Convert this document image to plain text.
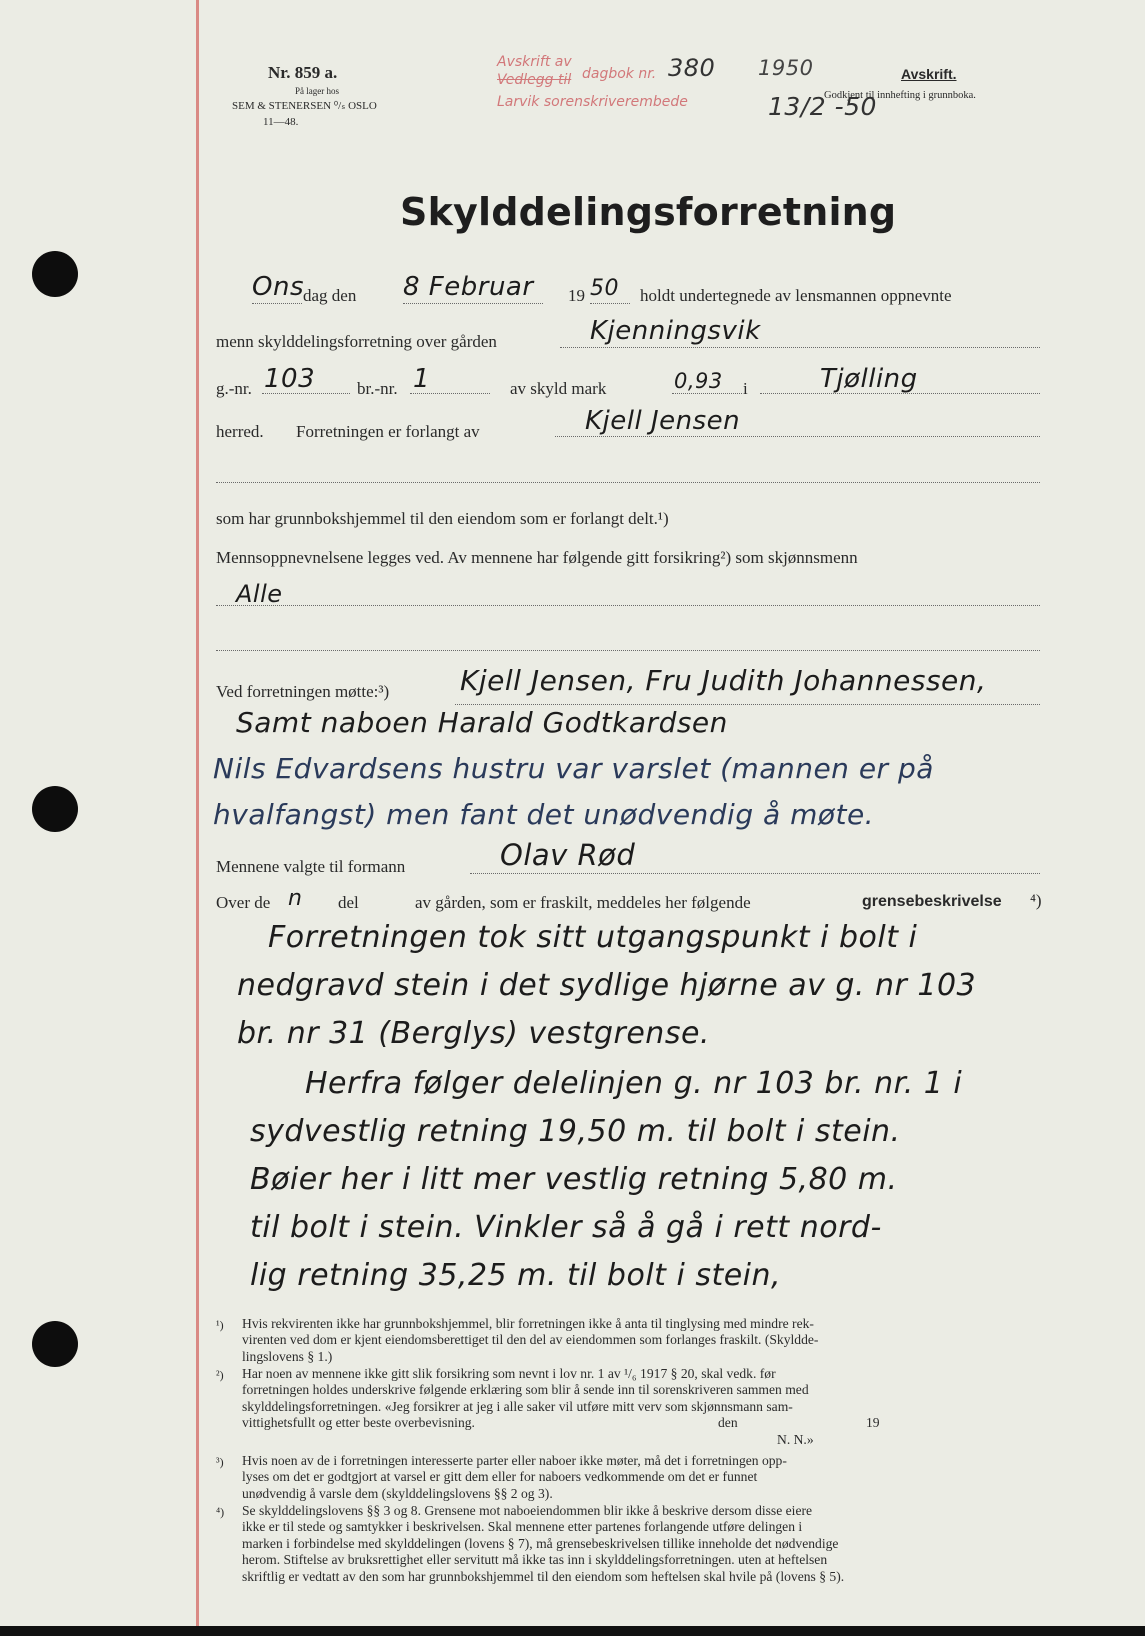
Nr. 859 a.
På lager hos
SEM & STENERSEN ⁰/ₛ OSLO
11—48.
Avskrift av
Vedlegg til dagbok nr. 380 1950
Larvik sorenskriverembede	13/2 -50
Avskrift.
Godkjent til innhefting i grunnboka.
Skylddelingsforretning
Ons dag den 8 Februar 19 50 holdt undertegnede av lensmannen oppnevnte
menn skylddelingsforretning over gården	Kjenningsvik
g.-nr. 103 br.-nr. 1	av skyld mark	0,93 i	Tjølling
herred. Forretningen er forlangt av	Kjell Jensen
som har grunnbokshjemmel til den eiendom som er forlangt delt.¹)
Mennsoppnevnelsene legges ved. Av mennene har følgende gitt forsikring²) som skjønnsmenn
Alle
Ved forretningen møtte:³)	Kjell Jensen, Fru Judith Johannessen,
Samt naboen Harald Godtkardsen
Nils Edvardsens hustru var varslet (mannen er på
hvalfangst) men fant det unødvendig å møte.
Mennene valgte til formann	Olav Rød
Over de n del	av gården, som er fraskilt, meddeles her følgende	grensebeskrivelse ⁴)
Forretningen tok sitt utgangspunkt i bolt i
nedgravd stein i det sydlige hjørne av g. nr 103
br. nr 31 (Berglys) vestgrense.
Herfra følger delelinjen g. nr 103 br. nr. 1 i
sydvestlig retning 19,50 m. til bolt i stein.
Bøier her i litt mer vestlig retning 5,80 m.
til bolt i stein. Vinkler så å gå i rett nord-
lig retning 35,25 m. til bolt i stein,
¹) Hvis rekvirenten ikke har grunnbokshjemmel, blir forretningen ikke å anta til tinglysing med mindre rek-
virenten ved dom er kjent eiendomsberettiget til den del av eiendommen som forlanges fraskilt. (Skyldde-
lingslovens § 1.)
²) Har noen av mennene ikke gitt slik forsikring som nevnt i lov nr. 1 av ¹/₆ 1917 § 20, skal vedk. før
forretningen holdes underskrive følgende erklæring som blir å sende inn til sorenskriveren sammen med
skylddelingsforretningen. «Jeg forsikrer at jeg i alle saker vil utføre mitt verv som skjønnsmann sam-
vittighetsfullt og etter beste overbevisning.	den	19
N. N.»
³) Hvis noen av de i forretningen interesserte parter eller naboer ikke møter, må det i forretningen opp-
lyses om det er godtgjort at varsel er gitt dem eller for naboers vedkommende om det er funnet
unødvendig å varsle dem (skylddelingslovens §§ 2 og 3).
⁴) Se skylddelingslovens §§ 3 og 8. Grensene mot naboeiendommen blir ikke å beskrive dersom disse eiere
ikke er til stede og samtykker i beskrivelsen. Skal mennene etter partenes forlangende utføre delingen i
marken i forbindelse med skylddelingen (lovens § 7), må grensebeskrivelsen tillike inneholde det nødvendige
herom. Stiftelse av bruksrettighet eller servitutt må ikke tas inn i skylddelingsforretningen. uten at heftelsen
skriftlig er vedtatt av den som har grunnbokshjemmel til den eiendom som heftelsen skal hvile på (lovens § 5).
